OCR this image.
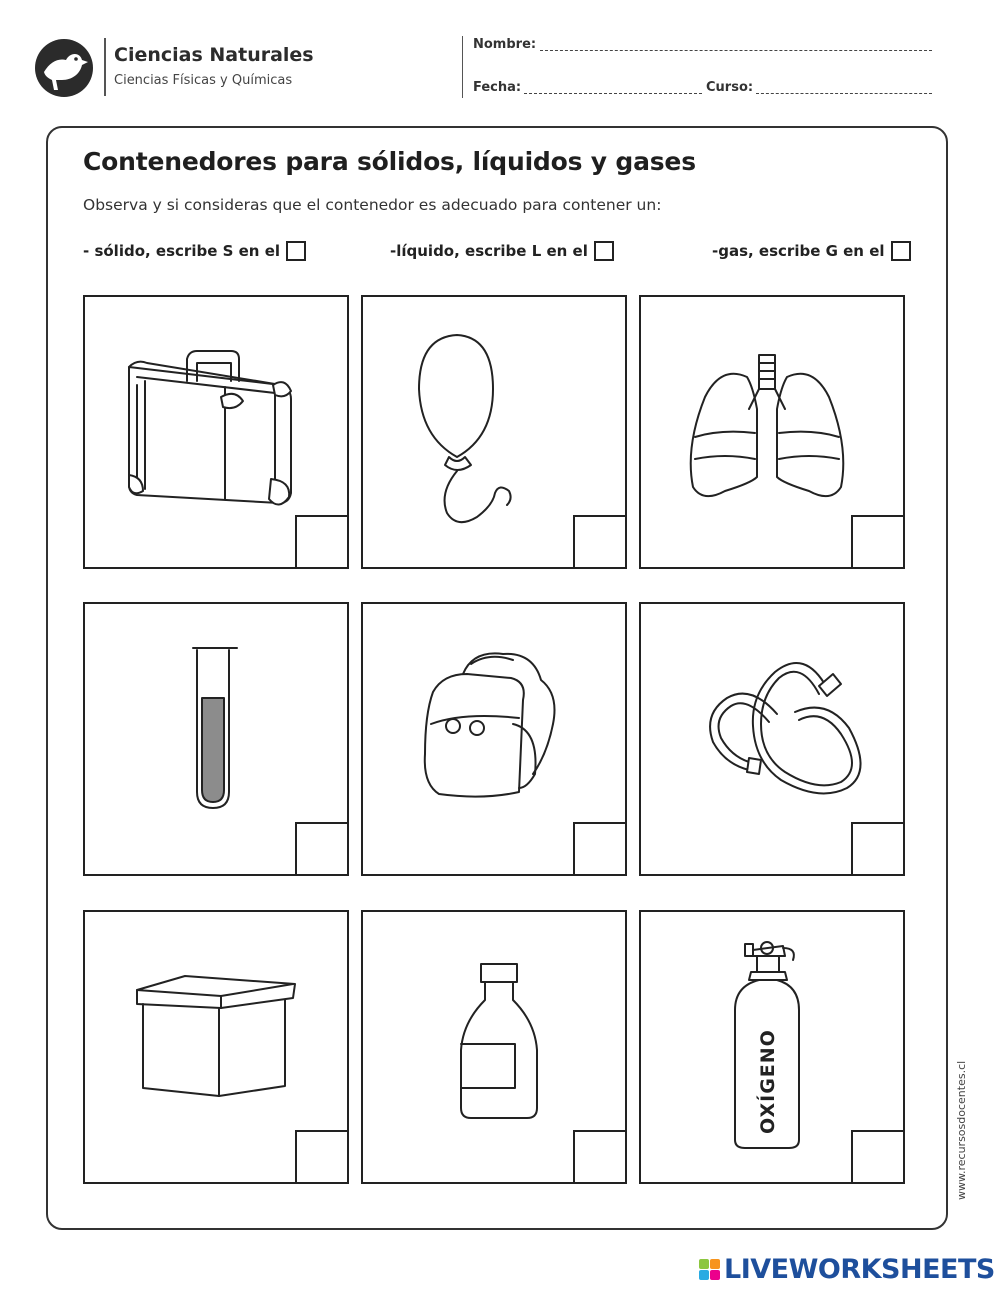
Ciencias Naturales
Ciencias Físicas y Químicas
Nombre:
Fecha:	Curso:
Contenedores para sólidos, líquidos y gases
Observa y si consideras que el contenedor es adecuado para contener un:
- sólido, escribe S en el	-líquido, escribe L en el	-gas, escribe G en el
OXÍGENO	www.recursosdocentes.cl
LIVEWORKSHEETS
